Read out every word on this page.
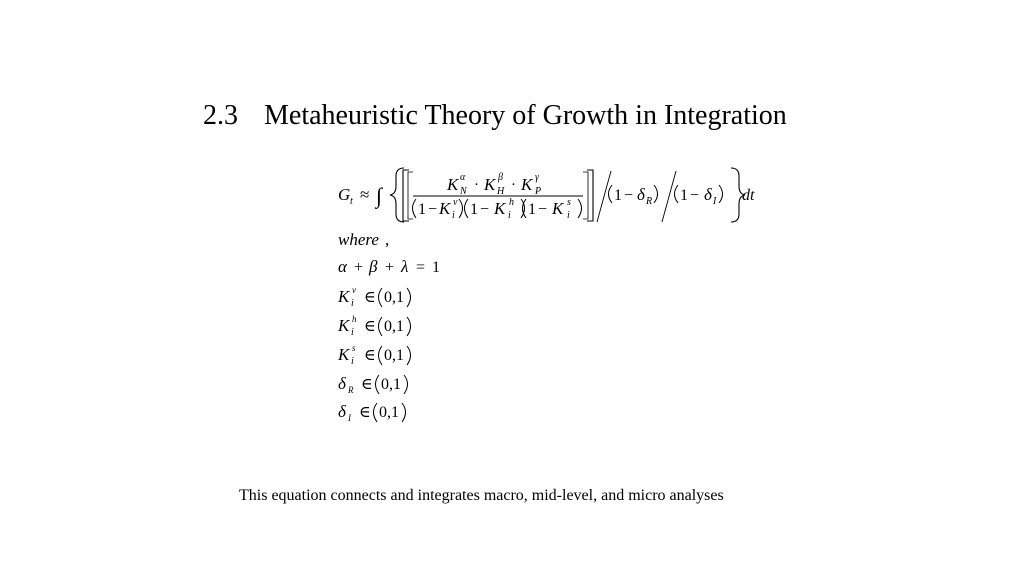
2.3 Metaheuristic Theory of Growth in Integration
G t ≈ ∫	K α
N · K β
H · K γ
P
1 − K v
i 1 − K h
i 1 − K s
i
1 − δ R 1 − δ I dt
where ,
α + β + λ = 1
K v
i ∈ 0,1
K h
i ∈ 0,1
K s
i ∈ 0,1
δ R ∈ 0,1
δ I ∈ 0,1
This equation connects and integrates macro, mid-level, and micro analyses
